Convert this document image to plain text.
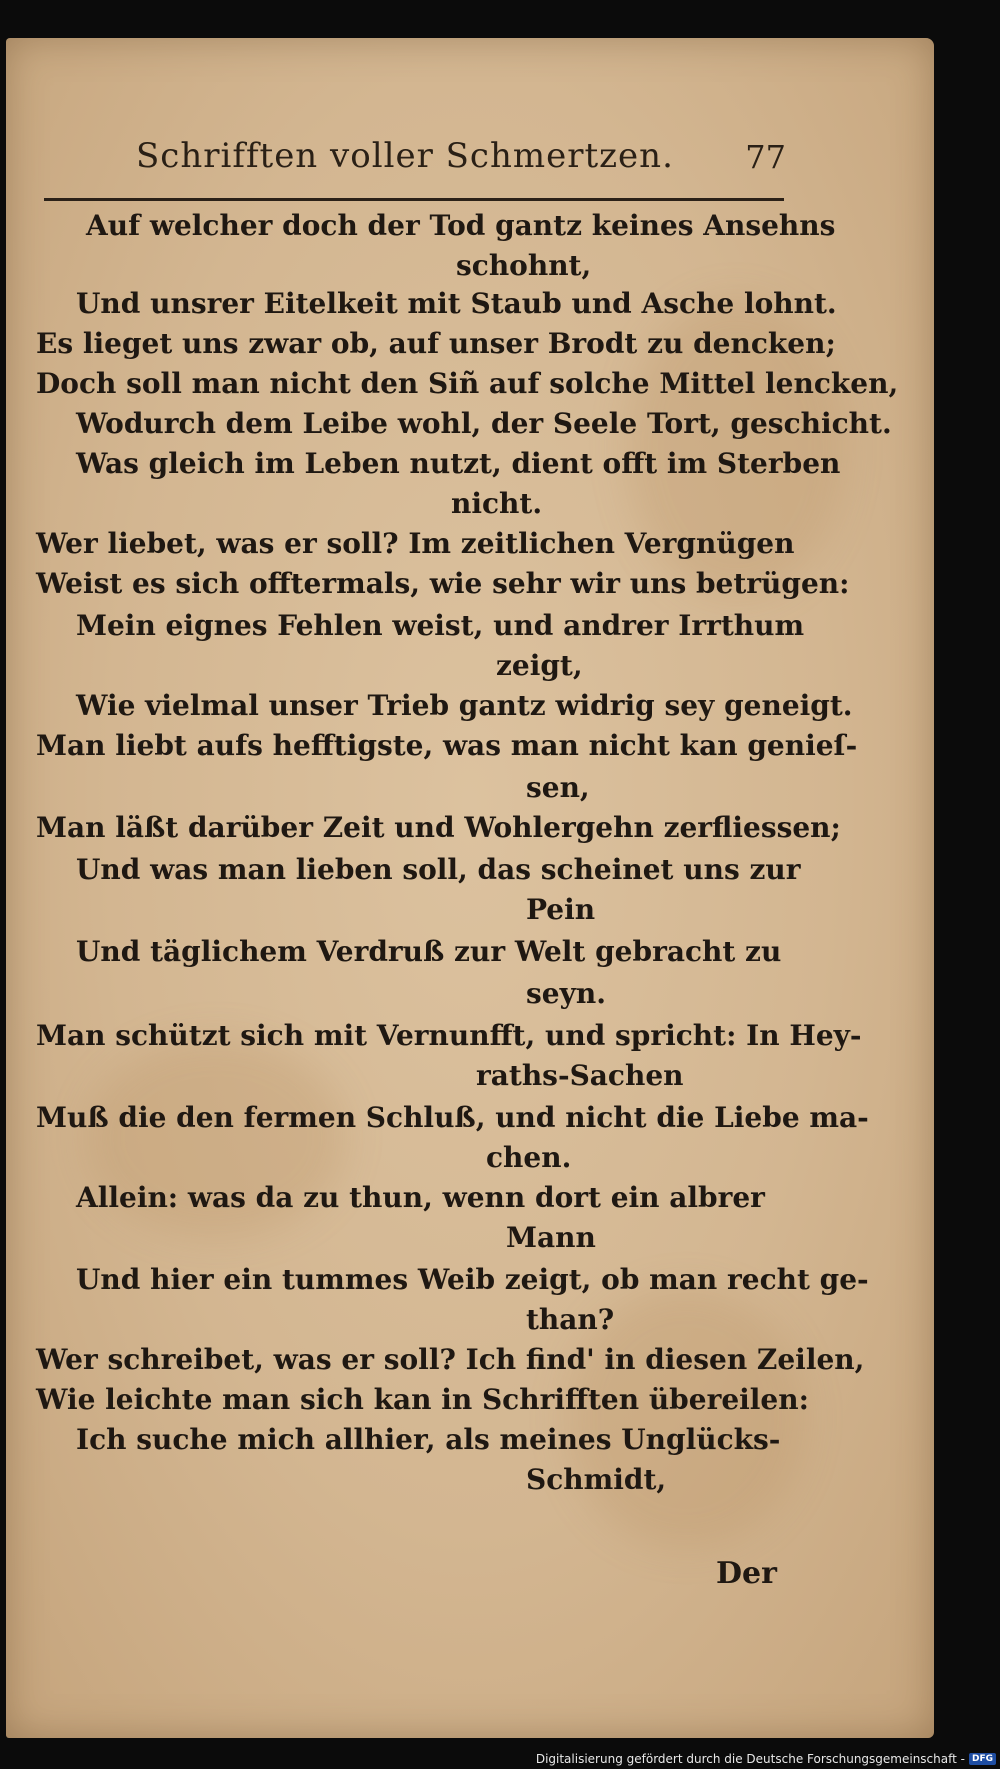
Schrifften voller Schmertzen. 77
Auf welcher doch der Tod gantz keines Ansehns
schohnt,
Und unsrer Eitelkeit mit Staub und Asche lohnt.
Es lieget uns zwar ob, auf unser Brodt zu dencken;
Doch soll man nicht den Siñ auf solche Mittel lencken,
Wodurch dem Leibe wohl, der Seele Tort, geschicht.
Was gleich im Leben nutzt, dient offt im Sterben
nicht.
Wer liebet, was er soll? Im zeitlichen Vergnügen
Weist es sich offtermals, wie sehr wir uns betrügen:
Mein eignes Fehlen weist, und andrer Irrthum
zeigt,
Wie vielmal unser Trieb gantz widrig sey geneigt.
Man liebt aufs hefftigste, was man nicht kan genieſ-
sen,
Man läßt darüber Zeit und Wohlergehn zerfliessen;
Und was man lieben soll, das scheinet uns zur
Pein
Und täglichem Verdruß zur Welt gebracht zu
seyn.
Man schützt sich mit Vernunfft, und spricht: In Hey-
raths-Sachen
Muß die den fermen Schluß, und nicht die Liebe ma-
chen.
Allein: was da zu thun, wenn dort ein albrer
Mann
Und hier ein tummes Weib zeigt, ob man recht ge-
than?
Wer schreibet, was er soll? Ich find' in diesen Zeilen,
Wie leichte man sich kan in Schrifften übereilen:
Ich suche mich allhier, als meines Unglücks-
Schmidt,
Der
Digitalisierung gefördert durch die Deutsche Forschungsgemeinschaft - DFG
